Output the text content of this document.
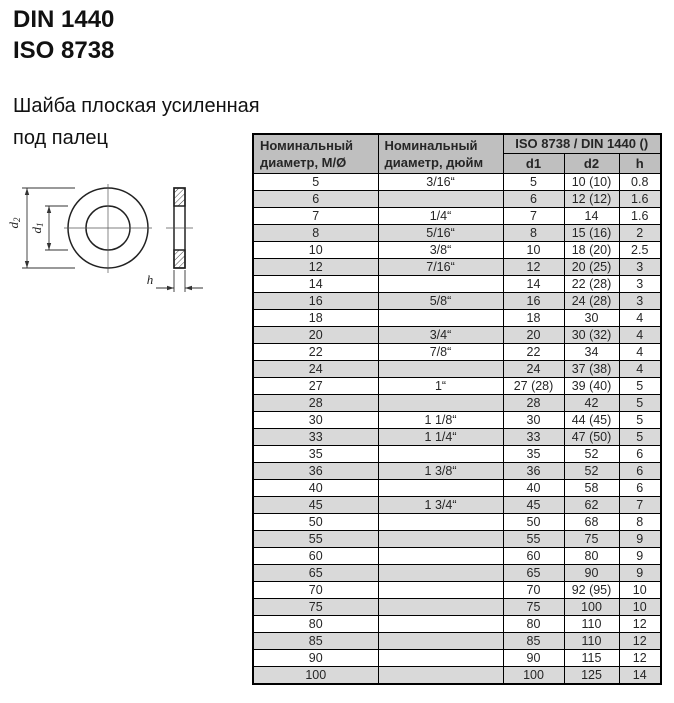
DIN 1440
ISO 8738
Шайба плоская усиленная
под палец
d2
d1
h
Номинальный
диаметр, М/Ø

Номинальный
диаметр, дюйм
	ISO 8738 / DIN 1440 ()
		d1	d2	h
5	3/16“	5	10 (10)	0.8
6		6	12 (12)	1.6
7	1/4“	7	14	1.6
8	5/16“	8	15 (16)	2
10	3/8“	10	18 (20)	2.5
12	7/16“	12	20 (25)	3
14		14	22 (28)	3
16	5/8“	16	24 (28)	3
18		18	30	4
20	3/4“	20	30 (32)	4
22	7/8“	22	34	4
24		24	37 (38)	4
27	1“	27 (28)	39 (40)	5
28		28	42	5
30	1 1/8“	30	44 (45)	5
33	1 1/4“	33	47 (50)	5
35		35	52	6
36	1 3/8“	36	52	6
40		40	58	6
45	1 3/4“	45	62	7
50		50	68	8
55		55	75	9
60		60	80	9
65		65	90	9
70		70	92 (95)	10
75		75	100	10
80		80	110	12
85		85	110	12
90		90	115	12
100		100	125	14
